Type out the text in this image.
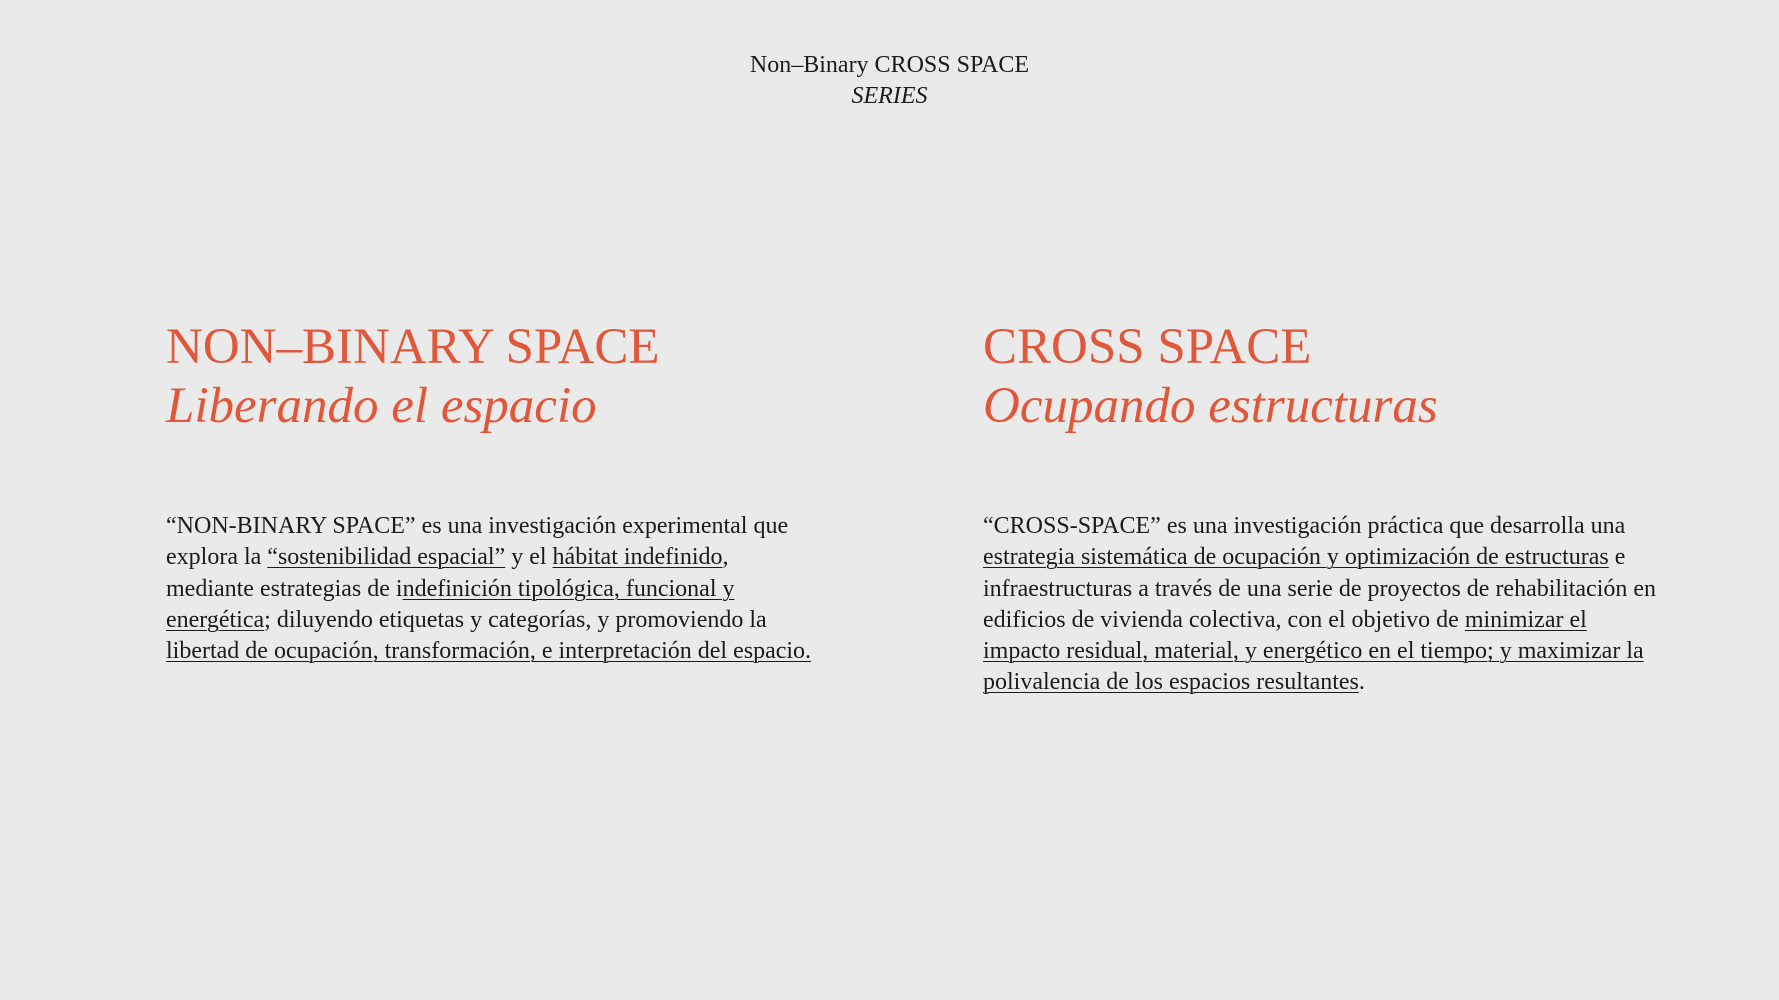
Non–Binary CROSS SPACE
SERIES
NON–BINARY SPACE
Liberando el espacio

“NON-BINARY SPACE” es una investigación experimental que explora la “sostenibilidad espacial” y el hábitat indefinido, mediante estrategias de indefinición tipológica, funcional y energética; diluyendo etiquetas y categorías, y promoviendo la libertad de ocupación, transformación, e interpretación del espacio.

CROSS SPACE
Ocupando estructuras

“CROSS-SPACE” es una investigación práctica que desarrolla una estrategia sistemática de ocupación y optimización de estructuras e infraestructuras a través de una serie de proyectos de rehabilitación en edificios de vivienda colectiva, con el objetivo de minimizar el impacto residual, material, y energético en el tiempo; y maximizar la polivalencia de los espacios resultantes.
